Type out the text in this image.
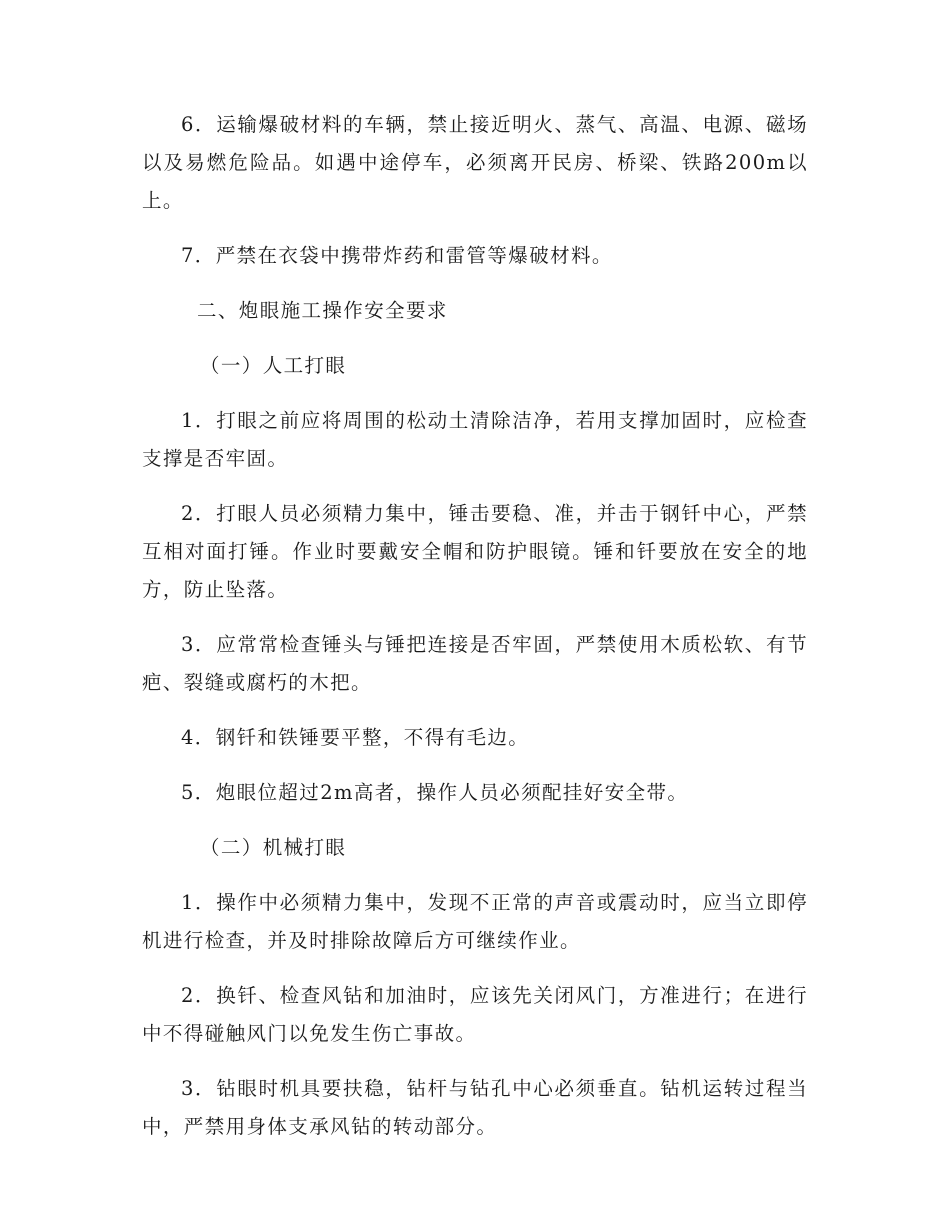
6．运输爆破材料的车辆，禁止接近明火、蒸气、高温、电源、磁场以及易燃危险品。如遇中途停车，必须离开民房、桥梁、铁路200m以上。

7．严禁在衣袋中携带炸药和雷管等爆破材料。

二、炮眼施工操作安全要求

（一）人工打眼

1．打眼之前应将周围的松动土清除洁净，若用支撑加固时，应检查支撑是否牢固。

2．打眼人员必须精力集中，锤击要稳、准，并击于钢钎中心，严禁互相对面打锤。作业时要戴安全帽和防护眼镜。锤和钎要放在安全的地方，防止坠落。

3．应常常检查锤头与锤把连接是否牢固，严禁使用木质松软、有节疤、裂缝或腐朽的木把。

4．钢钎和铁锤要平整，不得有毛边。

5．炮眼位超过2m高者，操作人员必须配挂好安全带。

（二）机械打眼

1．操作中必须精力集中，发现不正常的声音或震动时，应当立即停机进行检查，并及时排除故障后方可继续作业。

2．换钎、检查风钻和加油时，应该先关闭风门，方准进行；在进行中不得碰触风门以免发生伤亡事故。

3．钻眼时机具要扶稳，钻杆与钻孔中心必须垂直。钻机运转过程当中，严禁用身体支承风钻的转动部分。
